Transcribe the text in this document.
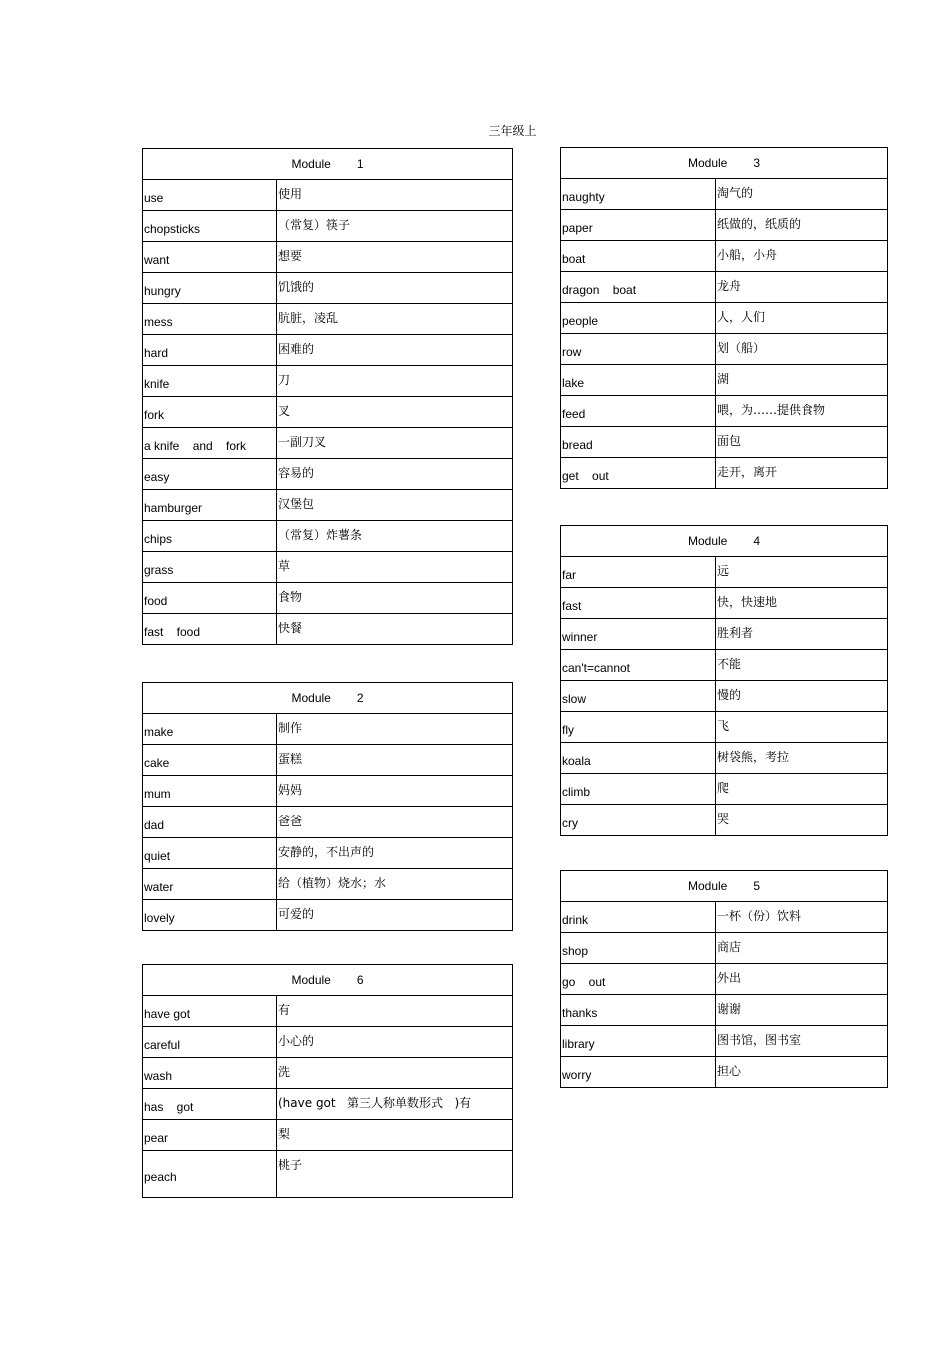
三年级上
Module 1	
use	使用
chopsticks	（常复）筷子
want	想要
hungry	饥饿的
mess	肮脏，凌乱
hard	困难的
knife	刀
fork	叉
a knife    and    fork	一副刀叉
easy	容易的
hamburger	汉堡包
chips	（常复）炸薯条
grass	草
food	食物
fast    food	快餐
Module 2	
make	制作
cake	蛋糕
mum	妈妈
dad	爸爸
quiet	安静的，不出声的
water	给（植物）烧水；水
lovely	可爱的
Module 6	
have got	有
careful	小心的
wash	洗
has    got	(have got   第三人称单数形式   )有
pear	梨
peach	桃子
Module 3	
naughty	淘气的
paper	纸做的，纸质的
boat	小船，小舟
dragon    boat	龙舟
people	人，人们
row	划（船）
lake	湖
feed	喂，为……提供食物
bread	面包
get    out	走开，离开
Module 4	
far	远
fast	快，快速地
winner	胜利者
can't=cannot	不能
slow	慢的
fly	飞
koala	树袋熊，考拉
climb	爬
cry	哭
Module 5	
drink	一杯（份）饮料
shop	商店
go    out	外出
thanks	谢谢
library	图书馆，图书室
worry	担心
